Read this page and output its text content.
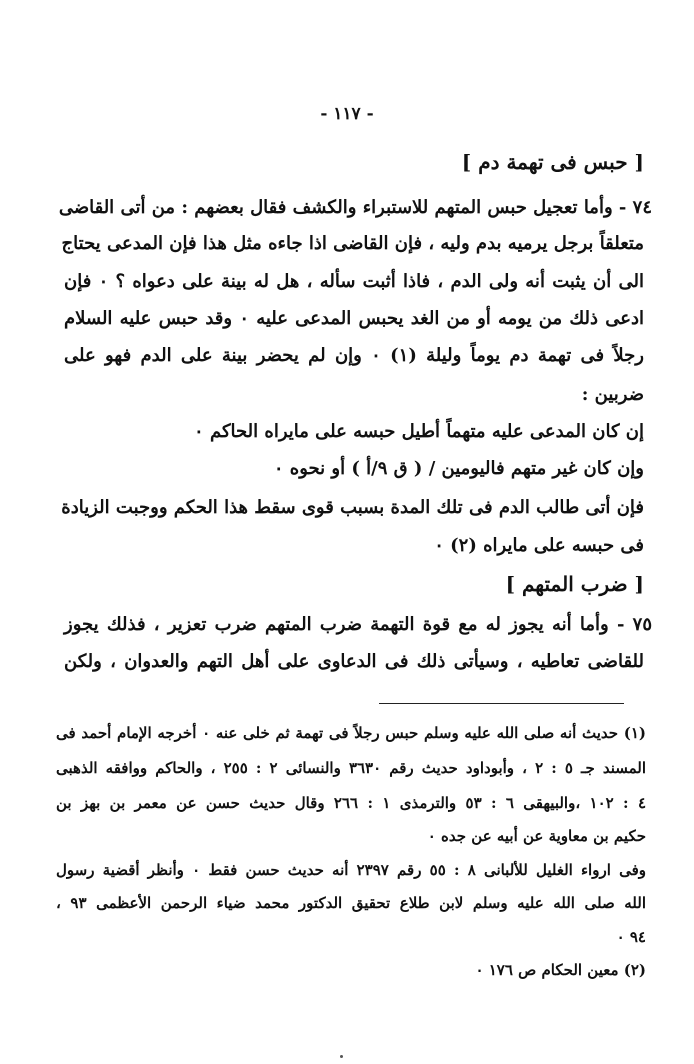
- ١١٧ -
[ حبس فى تهمة دم ]
٧٤ - وأما تعجيل حبس المتهم للاستبراء والكشف فقال بعضهم : من أتى القاضى
متعلقاً برجل يرميه بدم وليه ، فإن القاضى اذا جاءه مثل هذا فإن المدعى يحتاج
الى أن يثبت أنه ولى الدم ، فاذا أثبت سأله ، هل له بينة على دعواه ؟ ٠ فإن
ادعى ذلك من يومه أو من الغد يحبس المدعى عليه ٠ وقد حبس عليه السلام
رجلاً فى تهمة دم يوماً وليلة (١) ٠ وإن لم يحضر بينة على الدم فهو على
ضربين :
إن كان المدعى عليه متهماً أطيل حبسه على مايراه الحاكم ٠
وإن كان غير متهم فاليومين / ( ق ٩/أ ) أو نحوه ٠
فإن أتى طالب الدم فى تلك المدة بسبب قوى سقط هذا الحكم ووجبت الزيادة
فى حبسه على مايراه (٢) ٠
[ ضرب المتهم ]
٧٥ - وأما أنه يجوز له مع قوة التهمة ضرب المتهم ضرب تعزير ، فذلك يجوز
للقاضى تعاطيه ، وسيأتى ذلك فى الدعاوى على أهل التهم والعدوان ، ولكن
(١) حديث أنه صلى الله عليه وسلم حبس رجلاً فى تهمة ثم خلى عنه ٠ أخرجه الإمام أحمد فى
المسند جـ ٥ : ٢ ، وأبوداود حديث رقم ٣٦٣٠ والنسائى ٢ : ٢٥٥ ، والحاكم ووافقه الذهبى
٤ : ١٠٢ ،والبيهقى ٦ : ٥٣ والترمذى ١ : ٢٦٦ وقال حديث حسن عن معمر بن بهز بن
حكيم بن معاوية عن أبيه عن جده ٠
وفى ارواء الغليل للألبانى ٨ : ٥٥ رقم ٢٣٩٧ أنه حديث حسن فقط ٠ وأنظر أقضية رسول
الله صلى الله عليه وسلم لابن طلاع تحقيق الدكتور محمد ضياء الرحمن الأعظمى ٩٣ ،
٩٤ ٠
(٢) معين الحكام ص ١٧٦ ٠
